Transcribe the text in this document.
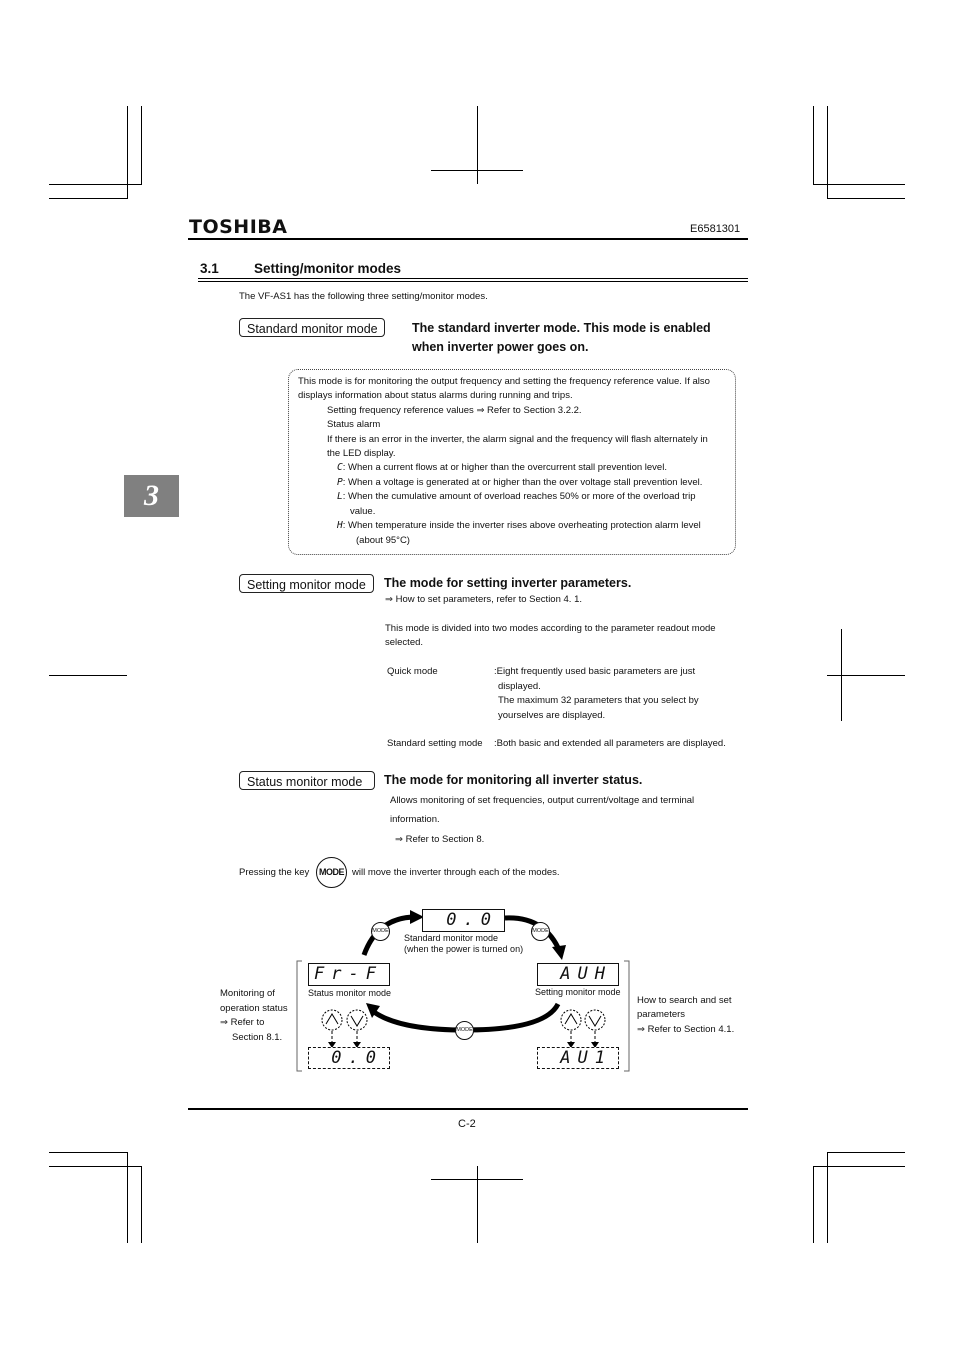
TOSHIBA	E6581301
3.1	Setting/monitor modes
3
The VF-AS1 has the following three setting/monitor modes.
Standard monitor mode	The standard inverter mode. This mode is enabled
when inverter power goes on.
This mode is for monitoring the output frequency and setting the frequency reference value. If also
displays information about status alarms during running and trips.
Setting frequency reference values ⇒ Refer to Section 3.2.2.
Status alarm
If there is an error in the inverter, the alarm signal and the frequency will flash alternately in
the LED display.
C: When a current flows at or higher than the overcurrent stall prevention level.
P: When a voltage is generated at or higher than the over voltage stall prevention level.
L: When the cumulative amount of overload reaches 50% or more of the overload trip
value.
H: When temperature inside the inverter rises above overheating protection alarm level
(about 95°C)
Setting monitor mode	The mode for setting inverter parameters.
⇒ How to set parameters, refer to Section 4. 1.
This mode is divided into two modes according to the parameter readout mode
selected.
Quick mode	:Eight frequently used basic parameters are just
displayed.
The maximum 32 parameters that you select by
yourselves are displayed.
Standard setting mode :Both basic and extended all parameters are displayed.
Status monitor mode	The mode for monitoring all inverter status.
Allows monitoring of set frequencies, output current/voltage and terminal
information.
⇒ Refer to Section 8.
Pressing the key	MODE will move the inverter through each of the modes.
MODE	MODE
MODE
0.0
Standard monitor mode
(when the power is turned on)
Fr-F
Status monitor mode
0.0
AUH
Setting monitor mode
AU1
Monitoring of
operation status
⇒ Refer to
Section 8.1.
How to search and set
parameters
⇒ Refer to Section 4.1.
C-2
